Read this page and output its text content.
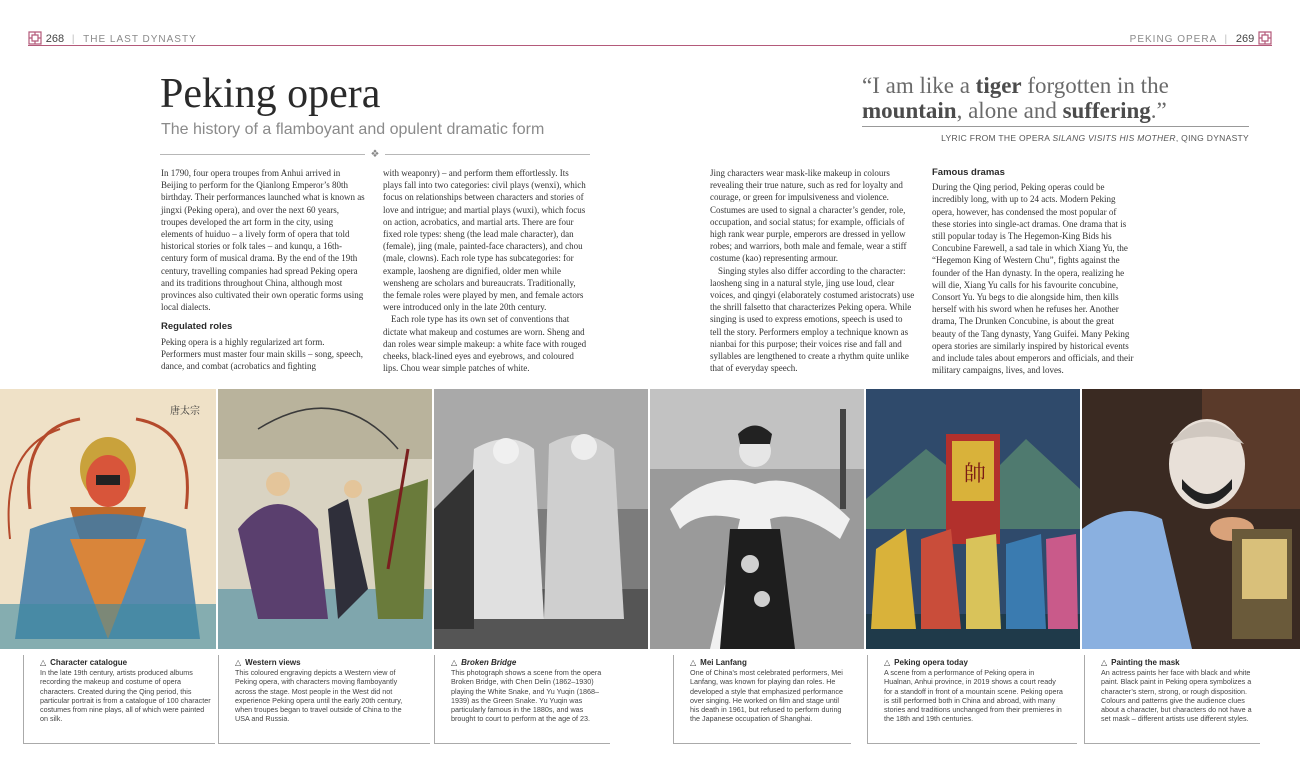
268 | THE LAST DYNASTY	PEKING OPERA | 269
Peking opera
The history of a flamboyant and opulent dramatic form
❖
“I am like a tiger forgotten in the
mountain, alone and suffering.”
LYRIC FROM THE OPERA SILANG VISITS HIS MOTHER, QING DYNASTY

In 1790, four opera troupes from Anhui arrived in Beijing to perform for the Qianlong Emperor’s 80th birthday. Their performances launched what is known as jingxi (Peking opera), and over the next 60 years, troupes developed the art form in the city, using elements of huiduo – a lively form of opera that told historical stories or folk tales – and kunqu, a 16th-century form of musical drama. By the end of the 19th century, travelling companies had spread Peking opera and its traditions throughout China, although most provinces also cultivated their own operatic forms using local dialects.

Regulated roles

Peking opera is a highly regularized art form. Performers must master four main skills – song, speech, dance, and combat (acrobatics and fighting

with weaponry) – and perform them effortlessly. Its plays fall into two categories: civil plays (wenxi), which focus on relationships between characters and stories of love and intrigue; and martial plays (wuxi), which focus on action, acrobatics, and martial arts. There are four fixed role types: sheng (the lead male character), dan (female), jing (male, painted-face characters), and chou (male, clowns). Each role type has subcategories: for example, laosheng are dignified, older men while wensheng are scholars and bureaucrats. Traditionally, the female roles were played by men, and female actors were introduced only in the late 20th century.

Each role type has its own set of conventions that dictate what makeup and costumes are worn. Sheng and dan roles wear simple makeup: a white face with rouged cheeks, black-lined eyes and eyebrows, and coloured lips. Chou wear simple patches of white.

Jing characters wear mask-like makeup in colours revealing their true nature, such as red for loyalty and courage, or green for impulsiveness and violence. Costumes are used to signal a character’s gender, role, occupation, and social status; for example, officials of high rank wear purple, emperors are dressed in yellow robes; and warriors, both male and female, wear a stiff costume (kao) representing armour.

Singing styles also differ according to the character: laosheng sing in a natural style, jing use loud, clear voices, and qingyi (elaborately costumed aristocrats) use the shrill falsetto that characterizes Peking opera. While singing is used to express emotions, speech is used to tell the story. Performers employ a technique known as nianbai for this purpose; their voices rise and fall and syllables are lengthened to create a rhythm quite unlike that of everyday speech.

Famous dramas

During the Qing period, Peking operas could be incredibly long, with up to 24 acts. Modern Peking opera, however, has condensed the most popular of these stories into single-act dramas. One drama that is still popular today is The Hegemon-King Bids his Concubine Farewell, a sad tale in which Xiang Yu, the “Hegemon King of Western Chu”, fights against the founder of the Han dynasty. In the opera, realizing he will die, Xiang Yu calls for his favourite concubine, Consort Yu. Yu begs to die alongside him, then kills herself with his sword when he refuses her. Another drama, The Drunken Concubine, is about the great beauty of the Tang dynasty, Yang Guifei. Many Peking opera stories are similarly inspired by historical events and include tales about emperors and officials, and their military campaigns, lives, and loves.

唐太宗
帥
△ Character catalogue
In the late 19th century, artists produced albums recording the makeup and costume of opera characters. Created during the Qing period, this particular portrait is from a catalogue of 100 character costumes from nine plays, all of which were painted on silk.
△ Western views
This coloured engraving depicts a Western view of Peking opera, with characters moving flamboyantly across the stage. Most people in the West did not experience Peking opera until the early 20th century, when troupes began to travel outside of China to the USA and Russia.
△ Broken Bridge
This photograph shows a scene from the opera Broken Bridge, with Chen Delin (1862–1930) playing the White Snake, and Yu Yuqin (1868–1939) as the Green Snake. Yu Yuqin was particularly famous in the 1880s, and was brought to court to perform at the age of 23.
△ Mei Lanfang
One of China’s most celebrated performers, Mei Lanfang, was known for playing dan roles. He developed a style that emphasized performance over singing. He worked on film and stage until his death in 1961, but refused to perform during the Japanese occupation of Shanghai.
△ Peking opera today
A scene from a performance of Peking opera in Hualnan, Anhui province, in 2019 shows a court ready for a standoff in front of a mountain scene. Peking opera is still performed both in China and abroad, with many stories and traditions unchanged from their premieres in the 18th and 19th centuries.
△ Painting the mask
An actress paints her face with black and white paint. Black paint in Peking opera symbolizes a character’s stern, strong, or rough disposition. Colours and patterns give the audience clues about a character, but characters do not have a set mask – different artists use different styles.
